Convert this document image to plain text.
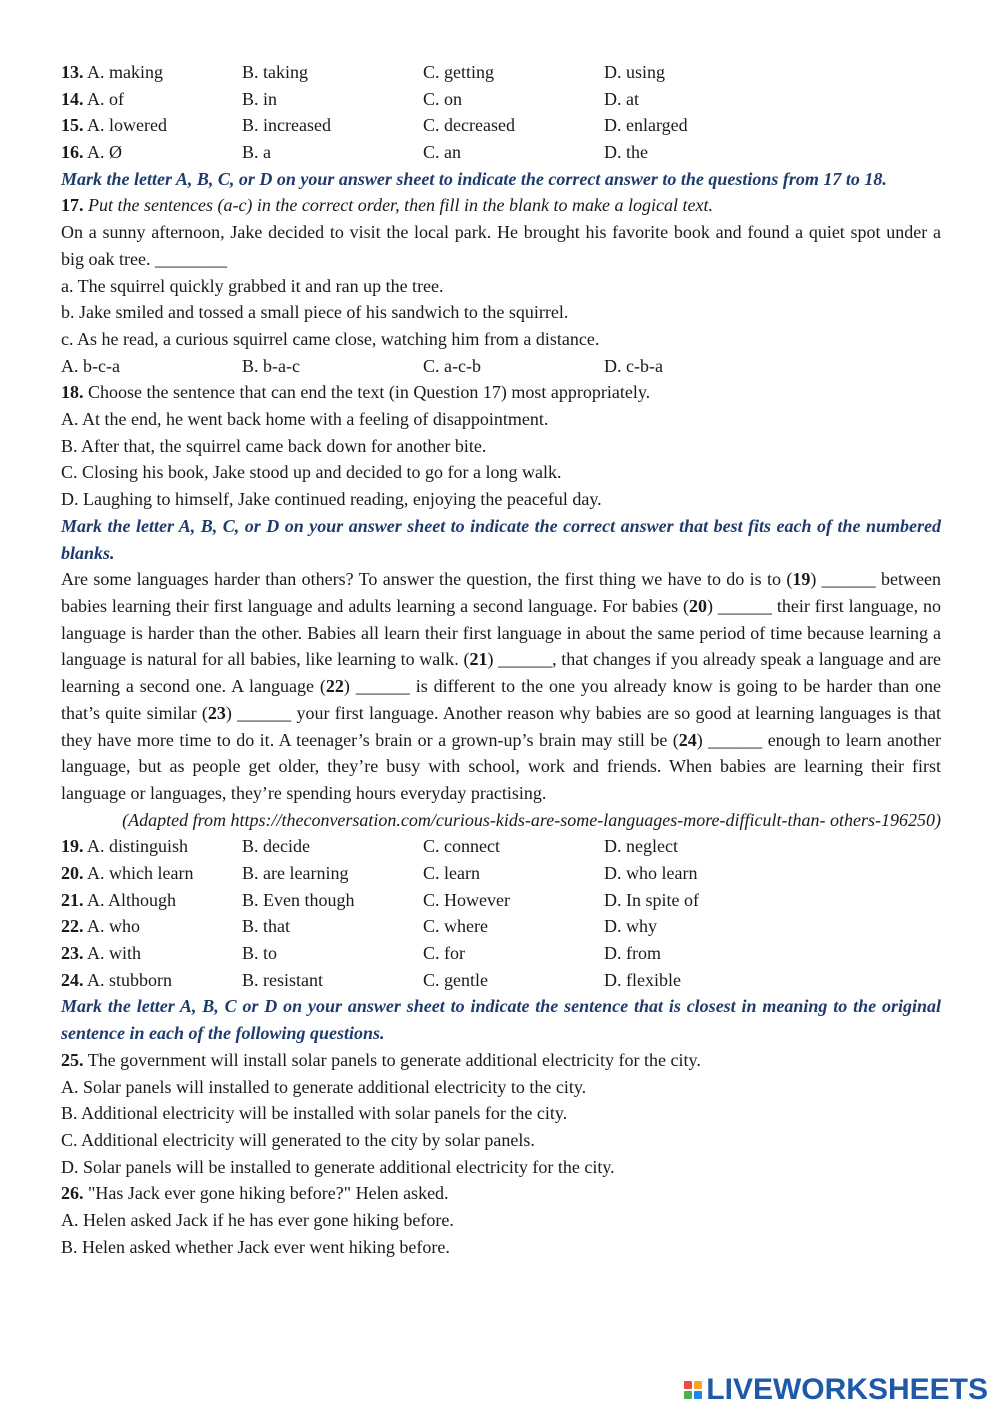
13. A. making	B. taking	C. getting	D. using
14. A. of	B. in	C. on	D. at
15. A. lowered	B. increased	C. decreased	D. enlarged
16. A. Ø	B. a	C. an	D. the
Mark the letter A, B, C, or D on your answer sheet to indicate the correct answer to the questions from 17 to 18.
17. Put the sentences (a-c) in the correct order, then fill in the blank to make a logical text.
On a sunny afternoon, Jake decided to visit the local park. He brought his favorite book and found a quiet spot under a big oak tree. ________
a. The squirrel quickly grabbed it and ran up the tree.
b. Jake smiled and tossed a small piece of his sandwich to the squirrel.
c. As he read, a curious squirrel came close, watching him from a distance.
A. b-c-a	B. b-a-c	C. a-c-b	D. c-b-a
18. Choose the sentence that can end the text (in Question 17) most appropriately.
A. At the end, he went back home with a feeling of disappointment.
B. After that, the squirrel came back down for another bite.
C. Closing his book, Jake stood up and decided to go for a long walk.
D. Laughing to himself, Jake continued reading, enjoying the peaceful day.
Mark the letter A, B, C, or D on your answer sheet to indicate the correct answer that best fits each of the numbered blanks.
Are some languages harder than others? To answer the question, the first thing we have to do is to (19) ______ between babies learning their first language and adults learning a second language. For babies (20) ______ their first language, no language is harder than the other. Babies all learn their first language in about the same period of time because learning a language is natural for all babies, like learning to walk. (21) ______, that changes if you already speak a language and are learning a second one. A language (22) ______ is different to the one you already know is going to be harder than one that’s quite similar (23) ______ your first language. Another reason why babies are so good at learning languages is that they have more time to do it. A teenager’s brain or a grown-up’s brain may still be (24) ______ enough to learn another language, but as people get older, they’re busy with school, work and friends. When babies are learning their first language or languages, they’re spending hours everyday practising.
(Adapted from https://theconversation.com/curious-kids-are-some-languages-more-difficult-than- others-196250)
19. A. distinguish	B. decide	C. connect	D. neglect
20. A. which learn	B. are learning	C. learn	D. who learn
21. A. Although	B. Even though	C. However	D. In spite of
22. A. who	B. that	C. where	D. why
23. A. with	B. to	C. for	D. from
24. A. stubborn	B. resistant	C. gentle	D. flexible
Mark the letter A, B, C or D on your answer sheet to indicate the sentence that is closest in meaning to the original sentence in each of the following questions.
25. The government will install solar panels to generate additional electricity for the city.
A. Solar panels will installed to generate additional electricity to the city.
B. Additional electricity will be installed with solar panels for the city.
C. Additional electricity will generated to the city by solar panels.
D. Solar panels will be installed to generate additional electricity for the city.
26. "Has Jack ever gone hiking before?" Helen asked.
A. Helen asked Jack if he has ever gone hiking before.
B. Helen asked whether Jack ever went hiking before.
LIVEWORKSHEETS
